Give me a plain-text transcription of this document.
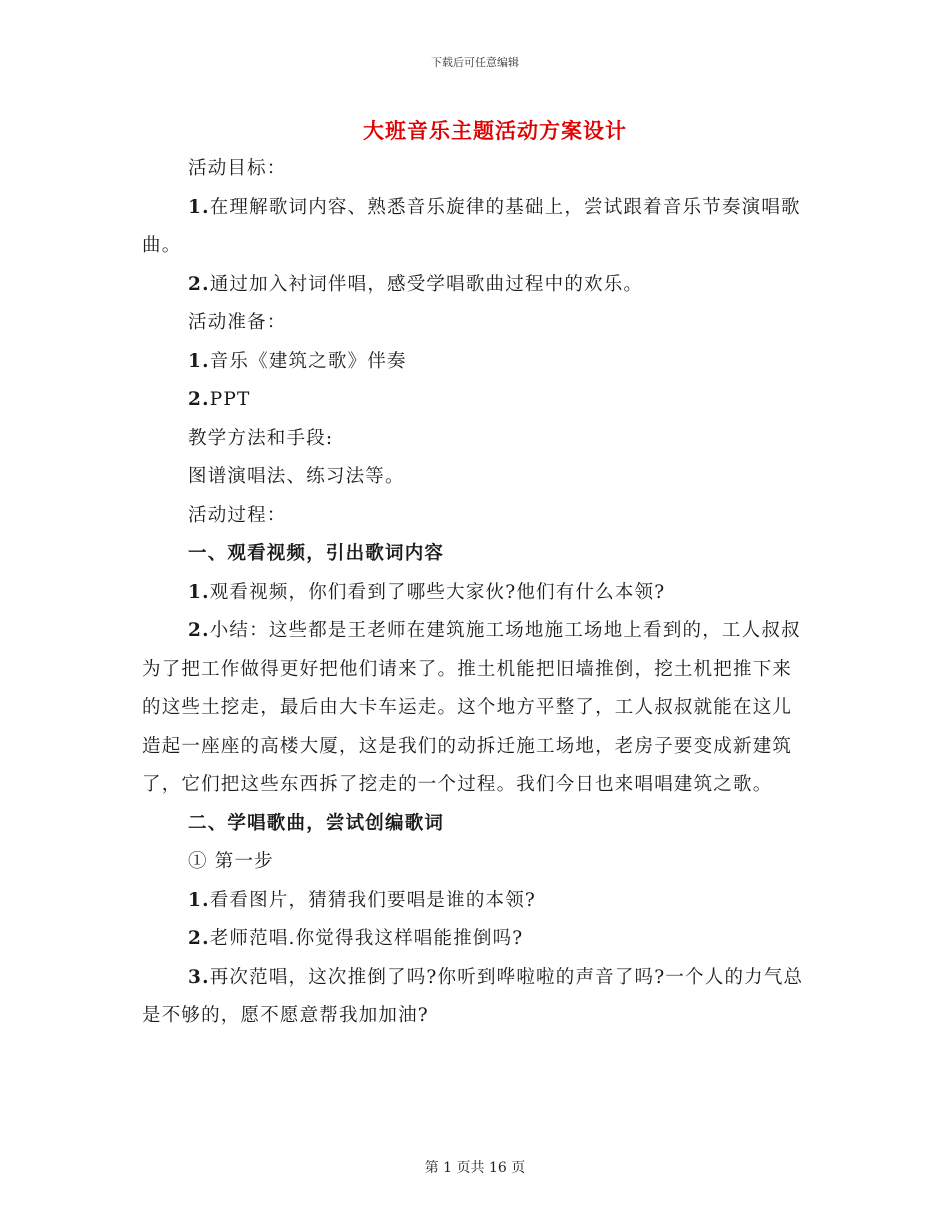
下载后可任意编辑
大班音乐主题活动方案设计

活动目标：

1.在理解歌词内容、熟悉音乐旋律的基础上，尝试跟着音乐节奏演唱歌曲。

2.通过加入衬词伴唱，感受学唱歌曲过程中的欢乐。

活动准备：

1.音乐《建筑之歌》伴奏

2.PPT

教学方法和手段:

图谱演唱法、练习法等。

活动过程：

一、观看视频，引出歌词内容

1.观看视频，你们看到了哪些大家伙?他们有什么本领?

2.小结：这些都是王老师在建筑施工场地施工场地上看到的，工人叔叔为了把工作做得更好把他们请来了。推土机能把旧墙推倒，挖土机把推下来的这些土挖走，最后由大卡车运走。这个地方平整了，工人叔叔就能在这儿造起一座座的高楼大厦，这是我们的动拆迁施工场地，老房子要变成新建筑了，它们把这些东西拆了挖走的一个过程。我们今日也来唱唱建筑之歌。

二、学唱歌曲，尝试创编歌词

① 第一步

1.看看图片，猜猜我们要唱是谁的本领?

2.老师范唱.你觉得我这样唱能推倒吗?

3.再次范唱，这次推倒了吗?你听到哗啦啦的声音了吗?一个人的力气总是不够的，愿不愿意帮我加加油?

第 1 页共 16 页
